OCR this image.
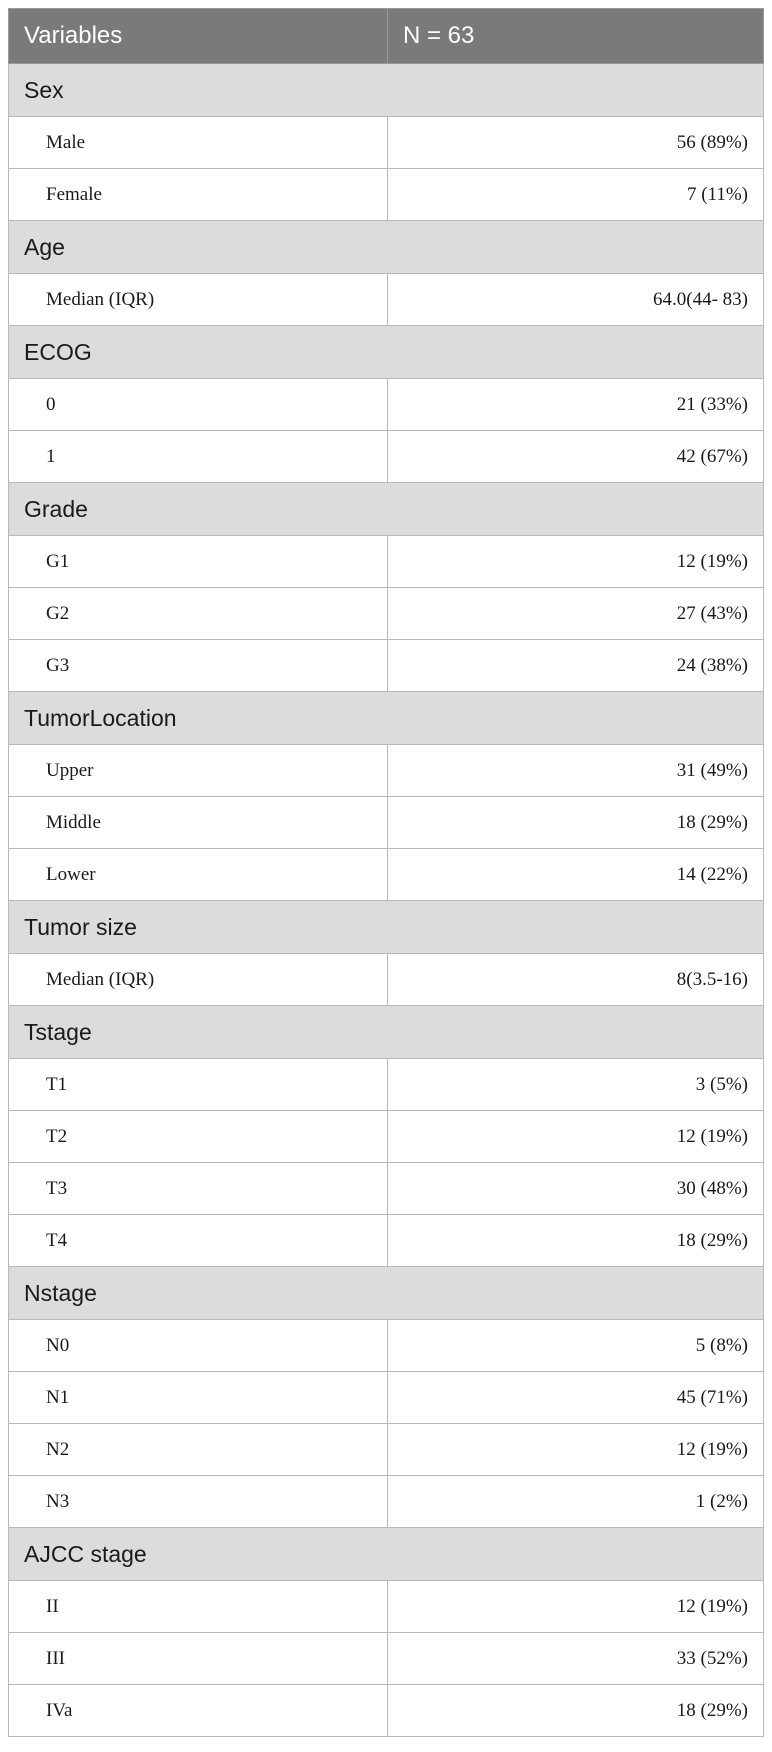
Variables	N = 63
Sex	
Male	56 (89%)
Female	7 (11%)
Age	
Median (IQR)	64.0(44- 83)
ECOG	
0	21 (33%)
1	42 (67%)
Grade	
G1	12 (19%)
G2	27 (43%)
G3	24 (38%)
TumorLocation	
Upper	31 (49%)
Middle	18 (29%)
Lower	14 (22%)
Tumor size	
Median (IQR)	8(3.5-16)
Tstage	
T1	3 (5%)
T2	12 (19%)
T3	30 (48%)
T4	18 (29%)
Nstage	
N0	5 (8%)
N1	45 (71%)
N2	12 (19%)
N3	1 (2%)
AJCC stage	
II	12 (19%)
III	33 (52%)
IVa	18 (29%)
